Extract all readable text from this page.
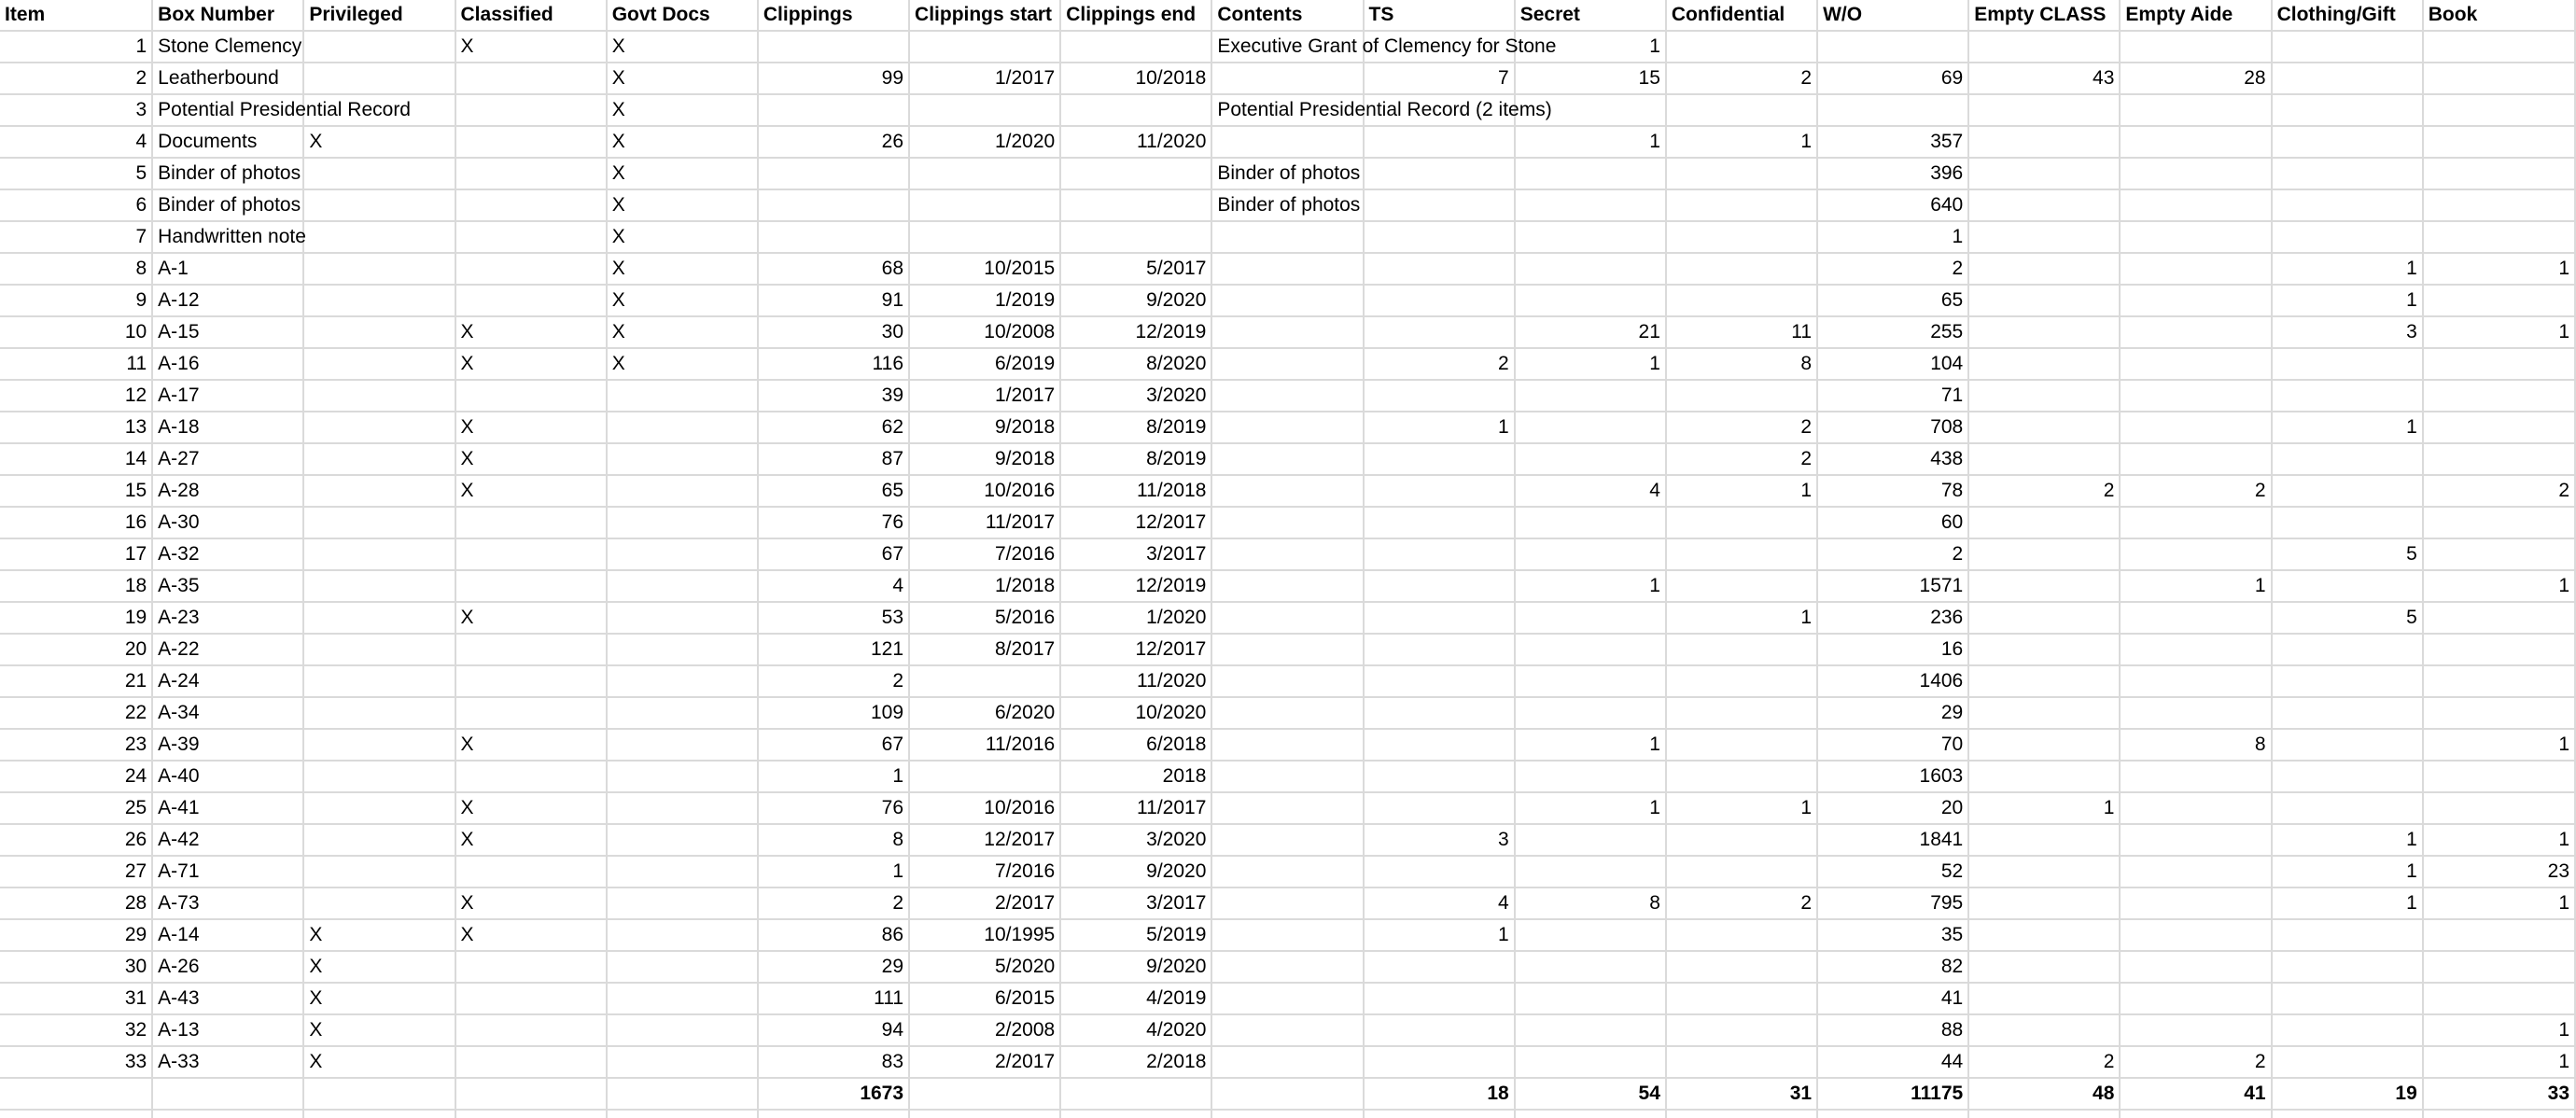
Item	Box Number	Privileged	Classified	Govt Docs	Clippings	Clippings start	Clippings end	Contents	TS	Secret	Confidential	W/O	Empty CLASS	Empty Aide	Clothing/Gift	Book
1	Stone Clemency		X	X				Executive Grant of Clemency for Stone		1						
2	Leatherbound			X	99	1/2017	10/2018		7	15	2	69	43	28		
3	Potential Presidential Record			X				Potential Presidential Record (2 items)								
4	Documents	X		X	26	1/2020	11/2020			1	1	357				
5	Binder of photos			X				Binder of photos				396				
6	Binder of photos			X				Binder of photos				640				
7	Handwritten note			X								1				
8	A-1			X	68	10/2015	5/2017					2			1	1
9	A-12			X	91	1/2019	9/2020					65			1	
10	A-15		X	X	30	10/2008	12/2019			21	11	255			3	1
11	A-16		X	X	116	6/2019	8/2020		2	1	8	104				
12	A-17				39	1/2017	3/2020					71				
13	A-18		X		62	9/2018	8/2019		1		2	708			1	
14	A-27		X		87	9/2018	8/2019				2	438				
15	A-28		X		65	10/2016	11/2018			4	1	78	2	2		2
16	A-30				76	11/2017	12/2017					60				
17	A-32				67	7/2016	3/2017					2			5	
18	A-35				4	1/2018	12/2019			1		1571		1		1
19	A-23		X		53	5/2016	1/2020				1	236			5	
20	A-22				121	8/2017	12/2017					16				
21	A-24				2		11/2020					1406				
22	A-34				109	6/2020	10/2020					29				
23	A-39		X		67	11/2016	6/2018			1		70		8		1
24	A-40				1		2018					1603				
25	A-41		X		76	10/2016	11/2017			1	1	20	1			
26	A-42		X		8	12/2017	3/2020		3			1841			1	1
27	A-71				1	7/2016	9/2020					52			1	23
28	A-73		X		2	2/2017	3/2017		4	8	2	795			1	1
29	A-14	X	X		86	10/1995	5/2019		1			35				
30	A-26	X			29	5/2020	9/2020					82				
31	A-43	X			111	6/2015	4/2019					41				
32	A-13	X			94	2/2008	4/2020					88				1
33	A-33	X			83	2/2017	2/2018					44	2	2		1
					1673				18	54	31	11175	48	41	19	33
